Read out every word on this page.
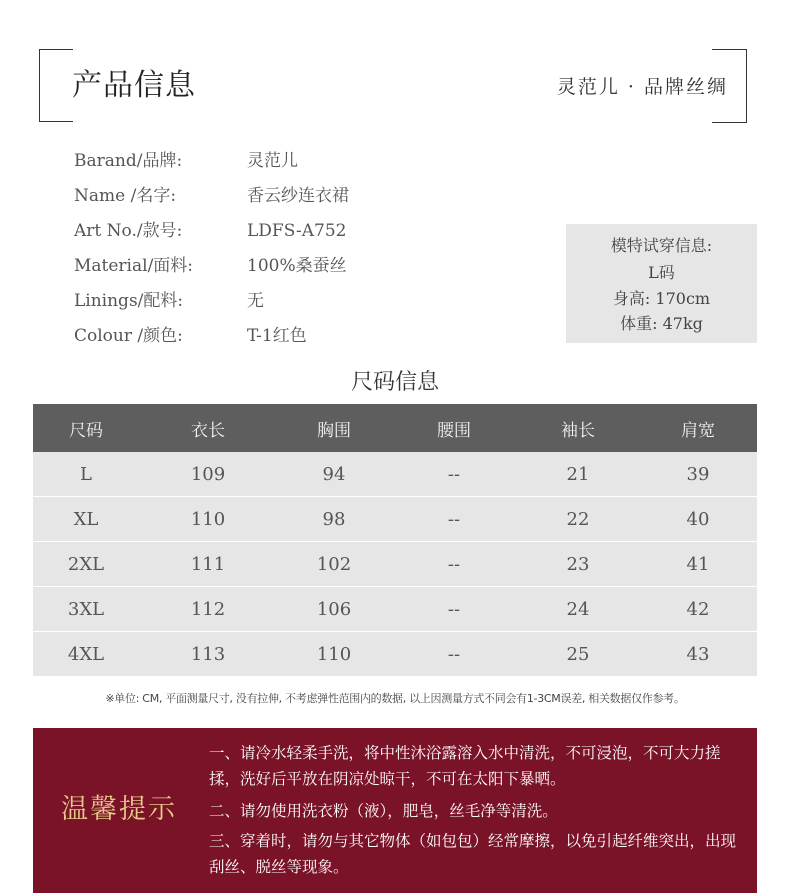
产品信息	灵范儿 · 品牌丝绸
Barand/品牌:	灵范儿
Name /名字:	香云纱连衣裙
Art No./款号:	LDFS-A752
Material/面料:	100%桑蚕丝
Linings/配料:	无
Colour /颜色:	T-1红色
模特试穿信息:
L码
身高: 170cm
体重: 47kg
尺码信息
尺码	衣长	胸围	腰围	袖长	肩宽
L	109	94	--	21	39
XL	110	98	--	22	40
2XL	111	102	--	23	41
3XL	112	106	--	24	42
4XL	113	110	--	25	43
※单位: CM, 平面测量尺寸, 没有拉伸, 不考虑弹性范围内的数据, 以上因测量方式不同会有1-3CM误差, 相关数据仅作参考。
温馨提示
一、请冷水轻柔手洗，将中性沐浴露溶入水中清洗，不可浸泡，不可大力搓揉，洗好后平放在阴凉处晾干，不可在太阳下暴晒。
二、请勿使用洗衣粉（液），肥皂，丝毛净等清洗。
三、穿着时，请勿与其它物体（如包包）经常摩擦，以免引起纤维突出，出现刮丝、脱丝等现象。
